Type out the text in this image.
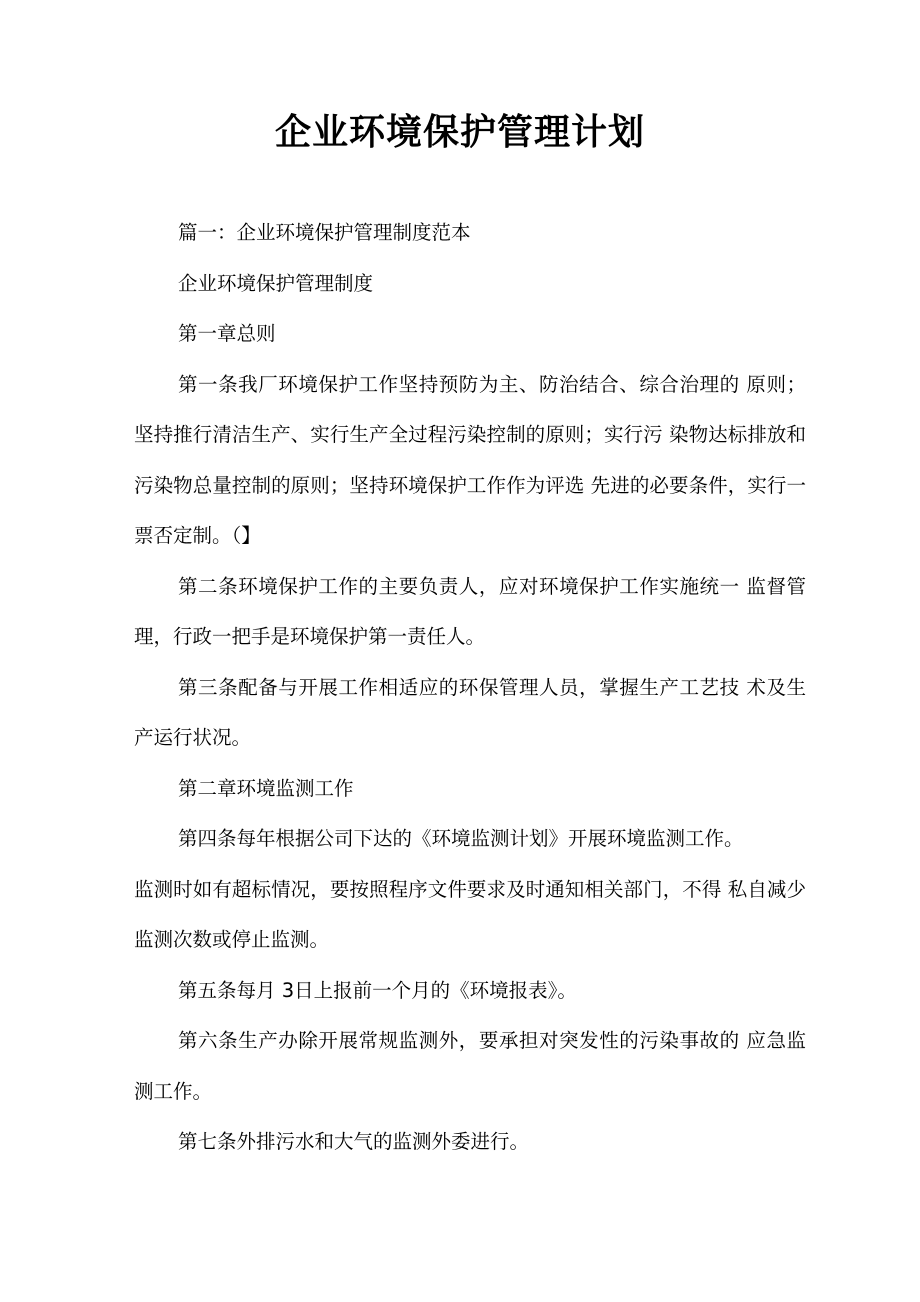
企业环境保护管理计划

篇一：企业环境保护管理制度范本

企业环境保护管理制度

第一章总则

第一条我厂环境保护工作坚持预防为主、防治结合、综合治理的 原则；坚持推行清洁生产、实行生产全过程污染控制的原则；实行污 染物达标排放和污染物总量控制的原则；坚持环境保护工作作为评选 先进的必要条件，实行一票否定制。（】

第二条环境保护工作的主要负责人，应对环境保护工作实施统一 监督管理，行政一把手是环境保护第一责任人。

第三条配备与开展工作相适应的环保管理人员，掌握生产工艺技 术及生产运行状况。

第二章环境监测工作

第四条每年根据公司下达的《环境监测计划》开展环境监测工作。

监测时如有超标情况，要按照程序文件要求及时通知相关部门，不得 私自减少监测次数或停止监测。

第五条每月 3日上报前一个月的《环境报表》。

第六条生产办除开展常规监测外，要承担对突发性的污染事故的 应急监测工作。

第七条外排污水和大气的监测外委进行。
